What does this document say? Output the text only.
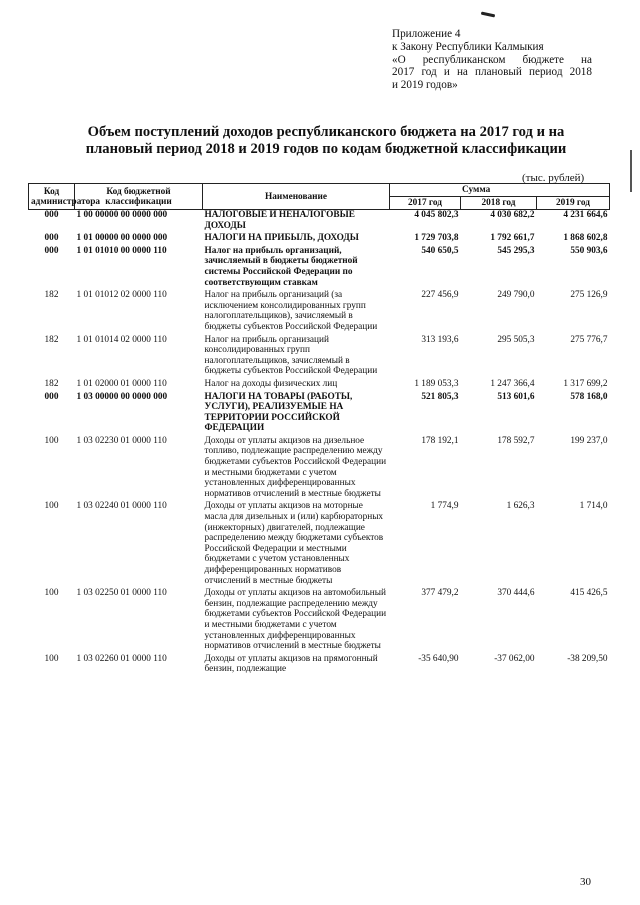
Приложение 4
к Закону Республики Калмыкия
«О республиканском бюджете на
2017 год и на плановый период 2018
и 2019 годов»
Объем поступлений доходов республиканского бюджета на 2017 год и на плановый период 2018 и 2019 годов по кодам бюджетной классификации
(тыс. рублей)
Код администратора	Код бюджетной классификации	Наименование	Сумма		
			2017 год	2018 год	2019 год
000	1 00 00000 00 0000 000	НАЛОГОВЫЕ И НЕНАЛОГОВЫЕ ДОХОДЫ	4 045 802,3	4 030 682,2	4 231 664,6
000	1 01 00000 00 0000 000	НАЛОГИ НА ПРИБЫЛЬ, ДОХОДЫ	1 729 703,8	1 792 661,7	1 868 602,8
000	1 01 01010 00 0000 110	Налог на прибыль организаций, зачисляемый в бюджеты бюджетной системы Российской Федерации по соответствующим ставкам	540 650,5	545 295,3	550 903,6
182	1 01 01012 02 0000 110	Налог на прибыль организаций (за исключением консолидированных групп налогоплательщиков), зачисляемый в бюджеты субъектов Российской Федерации	227 456,9	249 790,0	275 126,9
182	1 01 01014 02 0000 110	Налог на прибыль организаций консолидированных групп налогоплательщиков, зачисляемый в бюджеты субъектов Российской Федерации	313 193,6	295 505,3	275 776,7
182	1 01 02000 01 0000 110	Налог на доходы физических лиц	1 189 053,3	1 247 366,4	1 317 699,2
000	1 03 00000 00 0000 000	НАЛОГИ НА ТОВАРЫ (РАБОТЫ, УСЛУГИ), РЕАЛИЗУЕМЫЕ НА ТЕРРИТОРИИ РОССИЙСКОЙ ФЕДЕРАЦИИ	521 805,3	513 601,6	578 168,0
100	1 03 02230 01 0000 110	Доходы от уплаты акцизов на дизельное топливо, подлежащие распределению между бюджетами субъектов Российской Федерации и местными бюджетами с учетом установленных дифференцированных нормативов отчислений в местные бюджеты	178 192,1	178 592,7	199 237,0
100	1 03 02240 01 0000 110	Доходы от уплаты акцизов на моторные масла для дизельных и (или) карбюраторных (инжекторных) двигателей, подлежащие распределению между бюджетами субъектов Российской Федерации и местными бюджетами с учетом установленных дифференцированных нормативов отчислений в местные бюджеты	1 774,9	1 626,3	1 714,0
100	1 03 02250 01 0000 110	Доходы от уплаты акцизов на автомобильный бензин, подлежащие распределению между бюджетами субъектов Российской Федерации и местными бюджетами с учетом установленных дифференцированных нормативов отчислений в местные бюджеты	377 479,2	370 444,6	415 426,5
100	1 03 02260 01 0000 110	Доходы от уплаты акцизов на прямогонный бензин, подлежащие	-35 640,90	-37 062,00	-38 209,50
30
